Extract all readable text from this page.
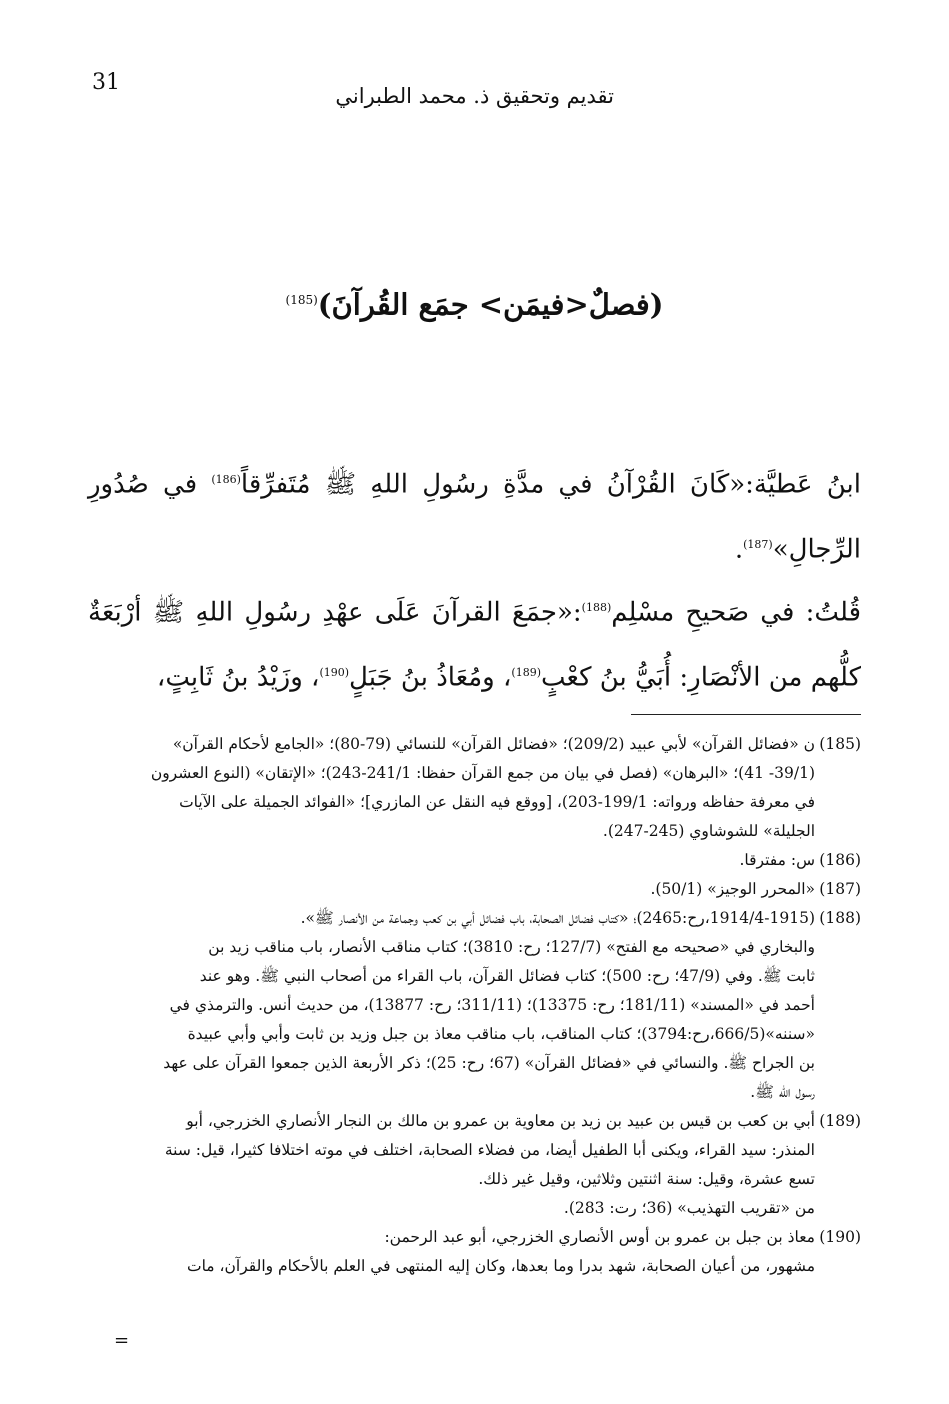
31
تقديم وتحقيق ذ. محمد الطبراني
(فصلٌ<فيمَن> جمَع القُرآنَ)$^{(185)}$
ابنُ عَطيَّة:«كَانَ القُرْآنُ في مدَّةِ رسُولِ اللهِ ﷺ مُتَفرِّقاً$^{(186)}$ في صُدُورِ الرِّجالِ»$^{(187)}$.
قُلتُ: في صَحيحِ مسْلِم$^{(188)}$:«جمَعَ القرآنَ عَلَى عهْدِ رسُولِ اللهِ ﷺ أرْبَعَةٌ كلُّهم من الأنْصَارِ: أُبَيُّ بنُ كعْبٍ$^{(189)}$، ومُعَاذُ بنُ جَبَلٍ$^{(190)}$، وزَيْدُ بنُ ثَابِتٍ،

(185)
ن «فضائل القرآن» لأبي عبيد (209/2)؛ «فضائل القرآن» للنسائي (79-80)؛ «الجامع لأحكام القرآن»
(39/1- 41)؛ «البرهان» (فصل في بيان من جمع القرآن حفظا: 241/1-243)؛ «الإتقان» (النوع العشرون
في معرفة حفاظه ورواته: 199/1-203)، [ووقع فيه النقل عن المازري]؛ «الفوائد الجميلة على الآيات
الجليلة» للشوشاوي (245-247).

(186)
س: مفترقا.

(187)
«المحرر الوجيز» (50/1).

(188)
(1914/4-1915،رح:2465)؛ «كتاب فضائل الصحابة، باب فضائل أبي بن كعب وجماعة من الأنصار ﷺ».
والبخاري في «صحيحه مع الفتح» (127/7؛ رح: 3810)؛ كتاب مناقب الأنصار، باب مناقب زيد بن
ثابت ﷺ. وفي (47/9؛ رح: 500)؛ كتاب فضائل القرآن، باب القراء من أصحاب النبي ﷺ. وهو عند
أحمد في «المسند» (181/11؛ رح: 13375)؛ (311/11؛ رح: 13877)، من حديث أنس. والترمذي في
«سننه»(666/5،رح:3794)؛ كتاب المناقب، باب مناقب معاذ بن جبل وزيد بن ثابت وأبي وأبي عبيدة
بن الجراح ﷺ. والنسائي في «فضائل القرآن» (67؛ رح: 25)؛ ذكر الأربعة الذين جمعوا القرآن على عهد
رسول الله ﷺ.

(189)
أبي بن كعب بن قيس بن عبيد بن زيد بن معاوية بن عمرو بن مالك بن النجار الأنصاري الخزرجي، أبو
المنذر: سيد القراء، ويكنى أبا الطفيل أيضا، من فضلاء الصحابة، اختلف في موته اختلافا كثيرا، قيل: سنة
تسع عشرة، وقيل: سنة اثنتين وثلاثين، وقيل غير ذلك.
من «تقريب التهذيب» (36؛ رت: 283).

(190)
معاذ بن جبل بن عمرو بن أوس الأنصاري الخزرجي، أبو عبد الرحمن:
مشهور، من أعيان الصحابة، شهد بدرا وما بعدها، وكان إليه المنتهى في العلم بالأحكام والقرآن، مات

=
